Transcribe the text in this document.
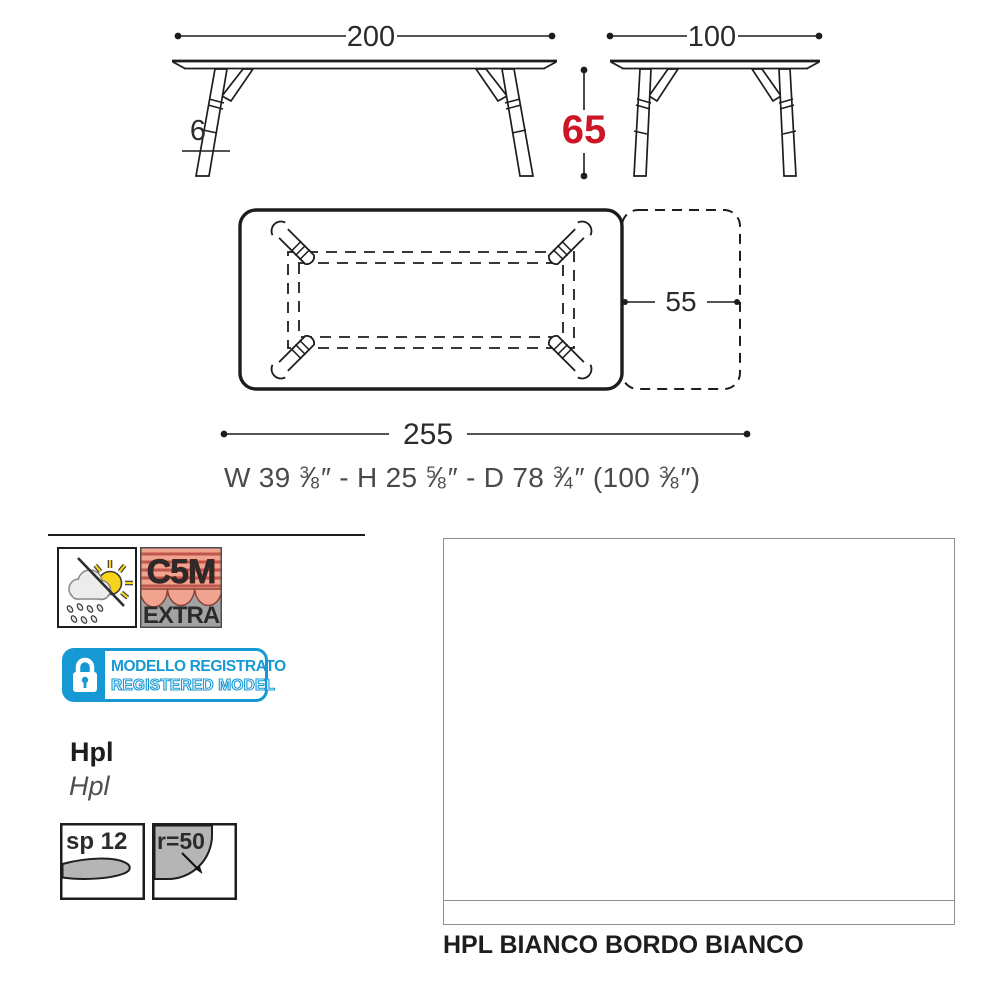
200
6	65
100
55
255
W 39 $^3$⁄8″ - H 25 $^5$⁄8″ - D 78 $^3$⁄4″ (100 $^3$⁄8″)
C5M
EXTRA
MODELLO REGISTRATO
REGISTERED MODEL
Hpl
Hpl
sp 12 r=50
HPL BIANCO BORDO BIANCO
